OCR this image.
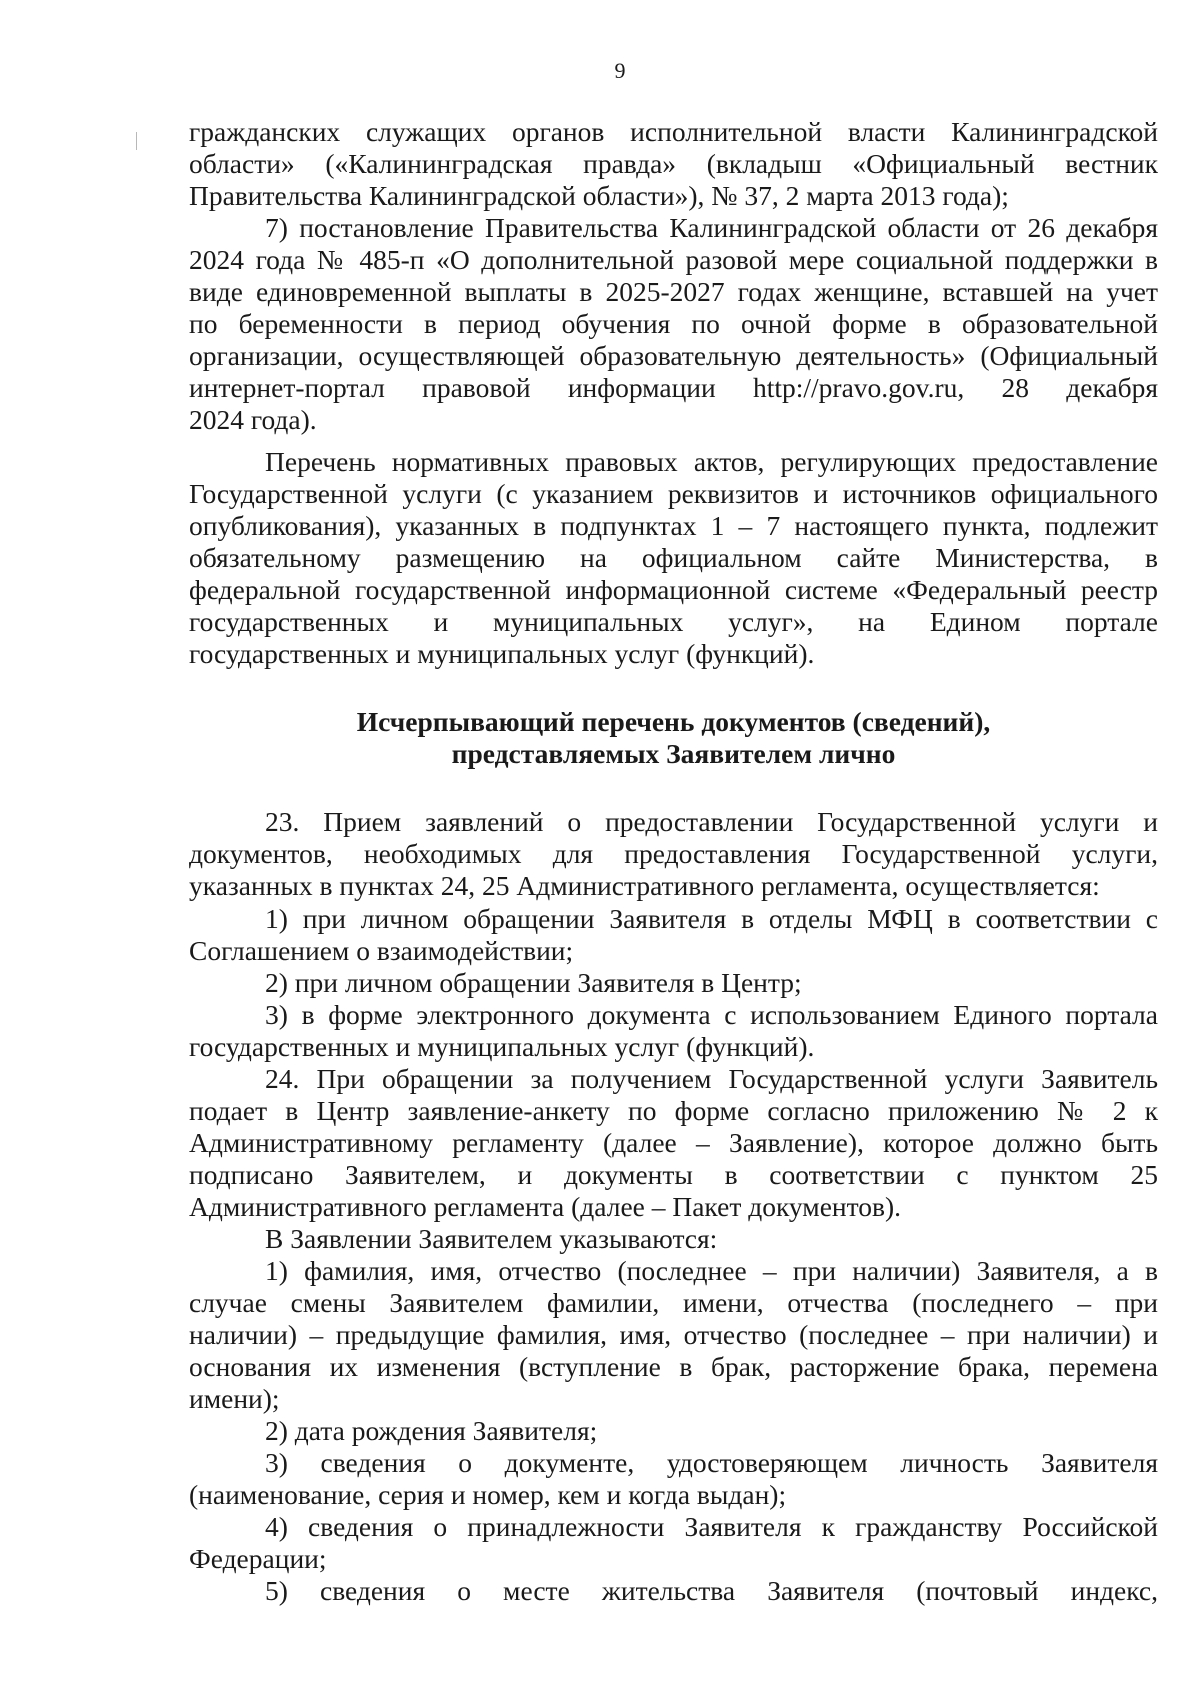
9
гражданских служащих органов исполнительной власти Калининградской
области» («Калининградская правда» (вкладыш «Официальный вестник
Правительства Калининградской области»), № 37, 2 марта 2013 года);
7) постановление Правительства Калининградской области от 26 декабря
2024 года № 485-п «О дополнительной разовой мере социальной поддержки в
виде единовременной выплаты в 2025-2027 годах женщине, вставшей на учет
по беременности в период обучения по очной форме в образовательной
организации, осуществляющей образовательную деятельность» (Официальный
интернет-портал правовой информации http://pravo.gov.ru, 28 декабря
2024 года).
Перечень нормативных правовых актов, регулирующих предоставление
Государственной услуги (с указанием реквизитов и источников официального
опубликования), указанных в подпунктах 1 – 7 настоящего пункта, подлежит
обязательному размещению на официальном сайте Министерства, в
федеральной государственной информационной системе «Федеральный реестр
государственных и муниципальных услуг», на Едином портале
государственных и муниципальных услуг (функций).
Исчерпывающий перечень документов (сведений),
представляемых Заявителем лично
23. Прием заявлений о предоставлении Государственной услуги и
документов, необходимых для предоставления Государственной услуги,
указанных в пунктах 24, 25 Административного регламента, осуществляется:
1) при личном обращении Заявителя в отделы МФЦ в соответствии с
Соглашением о взаимодействии;
2) при личном обращении Заявителя в Центр;
3) в форме электронного документа с использованием Единого портала
государственных и муниципальных услуг (функций).
24. При обращении за получением Государственной услуги Заявитель
подает в Центр заявление-анкету по форме согласно приложению № 2 к
Административному регламенту (далее – Заявление), которое должно быть
подписано Заявителем, и документы в соответствии с пунктом 25
Административного регламента (далее – Пакет документов).
В Заявлении Заявителем указываются:
1) фамилия, имя, отчество (последнее – при наличии) Заявителя, а в
случае смены Заявителем фамилии, имени, отчества (последнего – при
наличии) – предыдущие фамилия, имя, отчество (последнее – при наличии) и
основания их изменения (вступление в брак, расторжение брака, перемена
имени);
2) дата рождения Заявителя;
3) сведения о документе, удостоверяющем личность Заявителя
(наименование, серия и номер, кем и когда выдан);
4) сведения о принадлежности Заявителя к гражданству Российской
Федерации;
5) сведения о месте жительства Заявителя (почтовый индекс,
